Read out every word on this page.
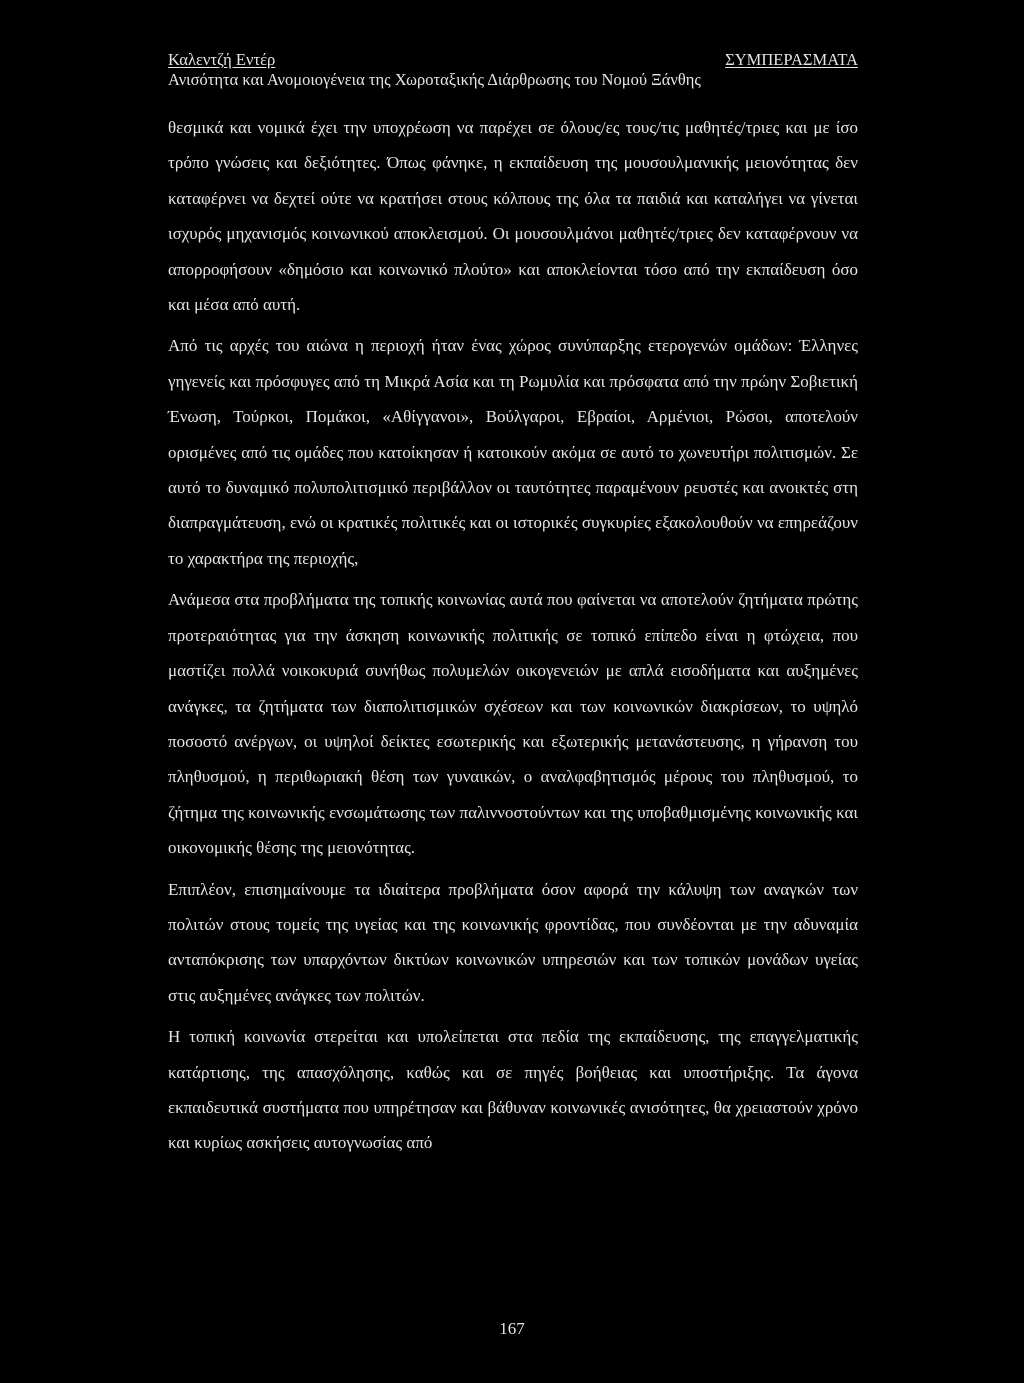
Καλεντζή Εντέρ	ΣΥΜΠΕΡΑΣΜΑΤΑ
Ανισότητα και Ανομοιογένεια της Χωροταξικής Διάρθρωσης του Νομού Ξάνθης

θεσμικά και νομικά έχει την υποχρέωση να παρέχει σε όλους/ες τους/τις μαθητές/τριες και με ίσο τρόπο γνώσεις και δεξιότητες. Όπως φάνηκε, η εκπαίδευση της μουσουλμανικής μειονότητας δεν καταφέρνει να δεχτεί ούτε να κρατήσει στους κόλπους της όλα τα παιδιά και καταλήγει να γίνεται ισχυρός μηχανισμός κοινωνικού αποκλεισμού. Οι μουσουλμάνοι μαθητές/τριες δεν καταφέρνουν να απορροφήσουν «δημόσιο και κοινωνικό πλούτο» και αποκλείονται τόσο από την εκπαίδευση όσο και μέσα από αυτή.

Από τις αρχές του αιώνα η περιοχή ήταν ένας χώρος συνύπαρξης ετερογενών ομάδων: Έλληνες γηγενείς και πρόσφυγες από τη Μικρά Ασία και τη Ρωμυλία και πρόσφατα από την πρώην Σοβιετική Ένωση, Τούρκοι, Πομάκοι, «Αθίγγανοι», Βούλγαροι, Εβραίοι, Αρμένιοι, Ρώσοι, αποτελούν ορισμένες από τις ομάδες που κατοίκησαν ή κατοικούν ακόμα σε αυτό το χωνευτήρι πολιτισμών. Σε αυτό το δυναμικό πολυπολιτισμικό περιβάλλον οι ταυτότητες παραμένουν ρευστές και ανοικτές στη διαπραγμάτευση, ενώ οι κρατικές πολιτικές και οι ιστορικές συγκυρίες εξακολουθούν να επηρεάζουν το χαρακτήρα της περιοχής,

Ανάμεσα στα προβλήματα της τοπικής κοινωνίας αυτά που φαίνεται να αποτελούν ζητήματα πρώτης προτεραιότητας για την άσκηση κοινωνικής πολιτικής σε τοπικό επίπεδο είναι η φτώχεια, που μαστίζει πολλά νοικοκυριά συνήθως πολυμελών οικογενειών με απλά εισοδήματα και αυξημένες ανάγκες, τα ζητήματα των διαπολιτισμικών σχέσεων και των κοινωνικών διακρίσεων, το υψηλό ποσοστό ανέργων, οι υψηλοί δείκτες εσωτερικής και εξωτερικής μετανάστευσης, η γήρανση του πληθυσμού, η περιθωριακή θέση των γυναικών, ο αναλφαβητισμός μέρους του πληθυσμού, το ζήτημα της κοινωνικής ενσωμάτωσης των παλιννοστούντων και της υποβαθμισμένης κοινωνικής και οικονομικής θέσης της μειονότητας.

Επιπλέον, επισημαίνουμε τα ιδιαίτερα προβλήματα όσον αφορά την κάλυψη των αναγκών των πολιτών στους τομείς της υγείας και της κοινωνικής φροντίδας, που συνδέονται με την αδυναμία ανταπόκρισης των υπαρχόντων δικτύων κοινωνικών υπηρεσιών και των τοπικών μονάδων υγείας στις αυξημένες ανάγκες των πολιτών.

Η τοπική κοινωνία στερείται και υπολείπεται στα πεδία της εκπαίδευσης, της επαγγελματικής κατάρτισης, της απασχόλησης, καθώς και σε πηγές βοήθειας και υποστήριξης. Τα άγονα εκπαιδευτικά συστήματα που υπηρέτησαν και βάθυναν κοινωνικές ανισότητες, θα χρειαστούν χρόνο και κυρίως ασκήσεις αυτογνωσίας από

167
